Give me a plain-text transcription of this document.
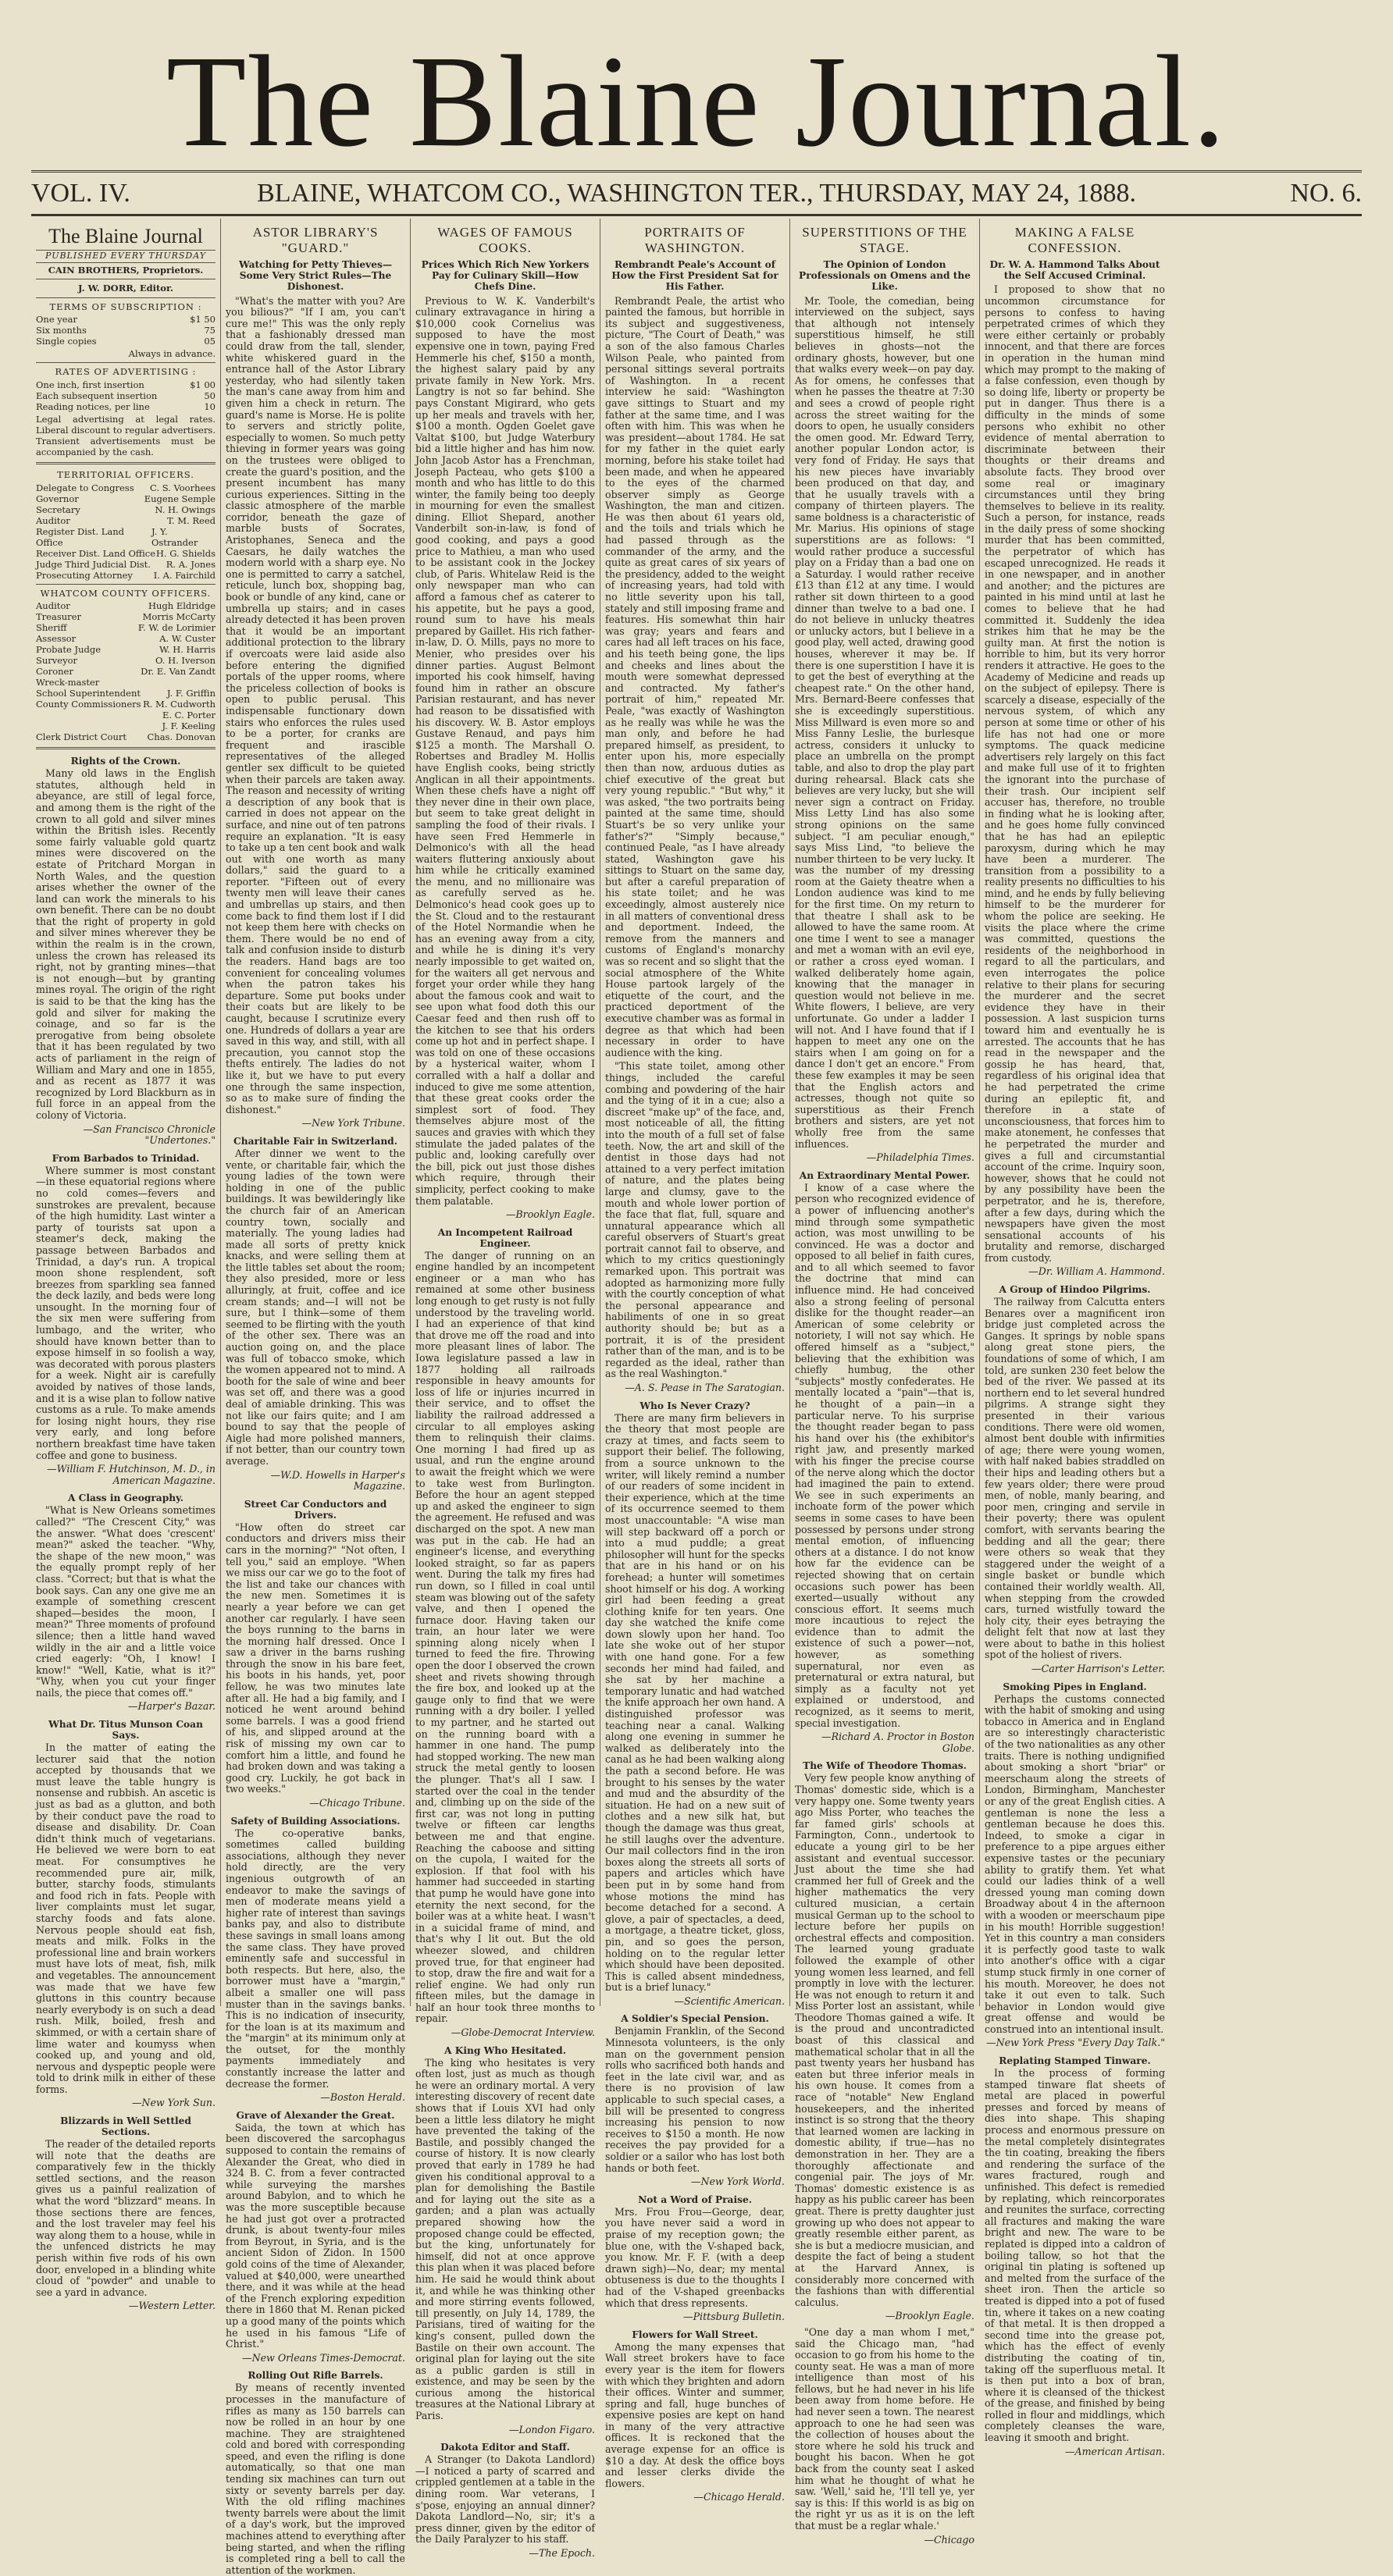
The Blaine Journal.
VOL. IV.	BLAINE, WHATCOM CO., WASHINGTON TER., THURSDAY, MAY 24, 1888.	NO. 6.
The Blaine Journal
PUBLISHED EVERY THURSDAY
CAIN BROTHERS, Proprietors.
J. W. DORR, Editor.
TERMS OF SUBSCRIPTION :
One year	$1 50
Six months	75
Single copies	05
Always in advance.
RATES OF ADVERTISING :
One inch, first insertion	$1 00
Each subsequent insertion	50
Reading notices, per line	10
Legal advertising at legal rates. Liberal discount to regular advertisers. Transient advertisements must be accompanied by the cash.
TERRITORIAL OFFICERS.
Delegate to Congress C. S. Voorhees
Governor	Eugene Semple
Secretary	N. H. Owings
Auditor	T. M. Reed
Register Dist. Land Office
J. Y. Ostrander
Receiver Dist. Land Office H. G. Shields
Judge Third Judicial Dist. R. A. Jones
Prosecuting Attorney I. A. Fairchild
WHATCOM COUNTY OFFICERS.
Auditor	Hugh Eldridge
Treasurer	Morris McCarty
Sheriff	F. W. de Lorimier
Assessor	A. W. Custer
Probate Judge	W. H. Harris
Surveyor	O. H. Iverson
Coroner	Dr. E. Van Zandt
Wreck-master
School Superintendent	J. F. Griffin
County Commissioners R. M. Cudworth
E. C. Porter
J. F. Keeling
Clerk District Court Chas. Donovan
Rights of the Crown.

Many old laws in the English statutes, although held in abeyance, are still of legal force, and among them is the right of the crown to all gold and silver mines within the British isles. Recently some fairly valuable gold quartz mines were discovered on the estate of Pritchard Morgan in North Wales, and the question arises whether the owner of the land can work the minerals to his own benefit. There can be no doubt that the right of property in gold and silver mines wherever they be within the realm is in the crown, unless the crown has released its right, not by granting mines—that is not enough—but by granting mines royal. The origin of the right is said to be that the king has the gold and silver for making the coinage, and so far is the prerogative from being obsolete that it has been regulated by two acts of parliament in the reign of William and Mary and one in 1855, and as recent as 1877 it was recognized by Lord Blackburn as in full force in an appeal from the colony of Victoria.

—San Francisco Chronicle "Undertones."
From Barbados to Trinidad.

Where summer is most constant—in these equatorial regions where no cold comes—fevers and sunstrokes are prevalent, because of the high humidity. Last winter a party of tourists sat upon a steamer's deck, making the passage between Barbados and Trinidad, a day's run. A tropical moon shone resplendent, soft breezes from sparkling sea fanned the deck lazily, and beds were long unsought. In the morning four of the six men were suffering from lumbago, and the writer, who should have known better than to expose himself in so foolish a way, was decorated with porous plasters for a week. Night air is carefully avoided by natives of those lands, and it is a wise plan to follow native customs as a rule. To make amends for losing night hours, they rise very early, and long before northern breakfast time have taken coffee and gone to business.

—William F. Hutchinson, M. D., in American Magazine.
A Class in Geography.

"What is New Orleans sometimes called?" "The Crescent City," was the answer. "What does 'crescent' mean?" asked the teacher. "Why, the shape of the new moon," was the equally prompt reply of her class. "Correct; but that is what the book says. Can any one give me an example of something crescent shaped—besides the moon, I mean?" Three moments of profound silence; then a little hand waved wildly in the air and a little voice cried eagerly: "Oh, I know! I know!" "Well, Katie, what is it?" "Why, when you cut your finger nails, the piece that comes off."

—Harper's Bazar.
What Dr. Titus Munson Coan Says.

In the matter of eating the lecturer said that the notion accepted by thousands that we must leave the table hungry is nonsense and rubbish. An ascetic is just as bad as a glutton, and both by their conduct pave the road to disease and disability. Dr. Coan didn't think much of vegetarians. He believed we were born to eat meat. For consumptives he recommended pure air, milk, butter, starchy foods, stimulants and food rich in fats. People with liver complaints must let sugar, starchy foods and fats alone. Nervous people should eat fish, meats and milk. Folks in the professional line and brain workers must have lots of meat, fish, milk and vegetables. The announcement was made that we have few gluttons in this country because nearly everybody is on such a dead rush. Milk, boiled, fresh and skimmed, or with a certain share of lime water and koumyss when cooked up, and young and old, nervous and dyspeptic people were told to drink milk in either of these forms.

—New York Sun.
Blizzards in Well Settled Sections.

The reader of the detailed reports will note that the deaths are comparatively few in the thickly settled sections, and the reason gives us a painful realization of what the word "blizzard" means. In those sections there are fences, and the lost traveler may feel his way along them to a house, while in the unfenced districts he may perish within five rods of his own door, enveloped in a blinding white cloud of "powder" and unable to see a yard in advance.

—Western Letter.
ASTOR LIBRARY'S "GUARD."
Watching for Petty Thieves—Some Very Strict Rules—The Dishonest.

"What's the matter with you? Are you bilious?" "If I am, you can't cure me!" This was the only reply that a fashionably dressed man could draw from the tall, slender, white whiskered guard in the entrance hall of the Astor Library yesterday, who had silently taken the man's cane away from him and given him a check in return. The guard's name is Morse. He is polite to servers and strictly polite, especially to women. So much petty thieving in former years was going on the trustees were obliged to create the guard's position, and the present incumbent has many curious experiences. Sitting in the classic atmosphere of the marble corridor, beneath the gaze of marble busts of Socrates, Aristophanes, Seneca and the Caesars, he daily watches the modern world with a sharp eye. No one is permitted to carry a satchel, reticule, lunch box, shopping bag, book or bundle of any kind, cane or umbrella up stairs; and in cases already detected it has been proven that it would be an important additional protection to the library if overcoats were laid aside also before entering the dignified portals of the upper rooms, where the priceless collection of books is open to public perusal. This indispensable functionary down stairs who enforces the rules used to be a porter, for cranks are frequent and irascible representatives of the alleged gentler sex difficult to be quieted when their parcels are taken away. The reason and necessity of writing a description of any book that is carried in does not appear on the surface, and nine out of ten patrons require an explanation. "It is easy to take up a ten cent book and walk out with one worth as many dollars," said the guard to a reporter. "Fifteen out of every twenty men will leave their canes and umbrellas up stairs, and then come back to find them lost if I did not keep them here with checks on them. There would be no end of talk and confusion inside to disturb the readers. Hand bags are too convenient for concealing volumes when the patron takes his departure. Some put books under their coats but are likely to be caught, because I scrutinize every one. Hundreds of dollars a year are saved in this way, and still, with all precaution, you cannot stop the thefts entirely. The ladies do not like it, but we have to put every one through the same inspection, so as to make sure of finding the dishonest."

—New York Tribune.
Charitable Fair in Switzerland.

After dinner we went to the vente, or charitable fair, which the young ladies of the town were holding in one of the public buildings. It was bewilderingly like the church fair of an American country town, socially and materially. The young ladies had made all sorts of pretty knick knacks, and were selling them at the little tables set about the room; they also presided, more or less alluringly, at fruit, coffee and ice cream stands; and—I will not be sure, but I think—some of them seemed to be flirting with the youth of the other sex. There was an auction going on, and the place was full of tobacco smoke, which the women appeared not to mind. A booth for the sale of wine and beer was set off, and there was a good deal of amiable drinking. This was not like our fairs quite; and I am bound to say that the people of Aigle had more polished manners, if not better, than our country town average.

—W.D. Howells in Harper's Magazine.
Street Car Conductors and Drivers.

"How often do street car conductors and drivers miss their cars in the morning?" "Not often, I tell you," said an employe. "When we miss our car we go to the foot of the list and take our chances with the new men. Sometimes it is nearly a year before we can get another car regularly. I have seen the boys running to the barns in the morning half dressed. Once I saw a driver in the barns rushing through the snow in his bare feet, his boots in his hands, yet, poor fellow, he was two minutes late after all. He had a big family, and I noticed he went around behind some barrels. I was a good friend of his, and slipped around at the risk of missing my own car to comfort him a little, and found he had broken down and was taking a good cry. Luckily, he got back in two weeks."

—Chicago Tribune.
Safety of Building Associations.

The co-operative banks, sometimes called building associations, although they never hold directly, are the very ingenious outgrowth of an endeavor to make the savings of men of moderate means yield a higher rate of interest than savings banks pay, and also to distribute these savings in small loans among the same class. They have proved eminently safe and successful in both respects. But here, also, the borrower must have a "margin," albeit a smaller one will pass muster than in the savings banks. This is no indication of insecurity, for the loan is at its maximum and the "margin" at its minimum only at the outset, for the monthly payments immediately and constantly increase the latter and decrease the former.

—Boston Herald.
Grave of Alexander the Great.

Saida, the town at which has been discovered the sarcophagus supposed to contain the remains of Alexander the Great, who died in 324 B. C. from a fever contracted while surveying the marshes around Babylon, and to which he was the more susceptible because he had just got over a protracted drunk, is about twenty-four miles from Beyrout, in Syria, and is the ancient Sidon of Zidon. In 1500 gold coins of the time of Alexander, valued at $40,000, were unearthed there, and it was while at the head of the French exploring expedition there in 1860 that M. Renan picked up a good many of the points which he used in his famous "Life of Christ."

—New Orleans Times-Democrat.
Rolling Out Rifle Barrels.

By means of recently invented processes in the manufacture of rifles as many as 150 barrels can now be rolled in an hour by one machine. They are straightened cold and bored with corresponding speed, and even the rifling is done automatically, so that one man tending six machines can turn out sixty or seventy barrels per day. With the old rifling machines twenty barrels were about the limit of a day's work, but the improved machines attend to everything after being started, and when the rifling is completed ring a bell to call the attention of the workmen.

WAGES OF FAMOUS COOKS.
Prices Which Rich New Yorkers Pay for Culinary Skill—How Chefs Dine.

Previous to W. K. Vanderbilt's culinary extravagance in hiring a $10,000 cook Cornelius was supposed to have the most expensive one in town, paying Fred Hemmerle his chef, $150 a month, the highest salary paid by any private family in New York. Mrs. Langtry is not so far behind. She pays Constant Migirard, who gets up her meals and travels with her, $100 a month. Ogden Goelet gave Valtat $100, but Judge Waterbury bid a little higher and has him now. John Jacob Astor has a Frenchman, Joseph Pacteau, who gets $100 a month and who has little to do this winter, the family being too deeply in mourning for even the smallest dining. Elliot Shepard, another Vanderbilt son-in-law, is fond of good cooking, and pays a good price to Mathieu, a man who used to be assistant cook in the Jockey club, of Paris. Whitelaw Reid is the only newspaper man who can afford a famous chef as caterer to his appetite, but he pays a good, round sum to have his meals prepared by Gaillet. His rich father-in-law, D. O. Mills, pays no more to Menier, who presides over his dinner parties. August Belmont imported his cook himself, having found him in rather an obscure Parisian restaurant, and has never had reason to be dissatisfied with his discovery. W. B. Astor employs Gustave Renaud, and pays him $125 a month. The Marshall O. Robertses and Bradley M. Hollis have English cooks, being strictly Anglican in all their appointments. When these chefs have a night off they never dine in their own place, but seem to take great delight in sampling the food of their rivals. I have seen Fred Hemmerle in Delmonico's with all the head waiters fluttering anxiously about him while he critically examined the menu, and no millionaire was as carefully served as he. Delmonico's head cook goes up to the St. Cloud and to the restaurant of the Hotel Normandie when he has an evening away from a city, and while he is dining it's very nearly impossible to get waited on, for the waiters all get nervous and forget your order while they hang about the famous cook and wait to see upon what food doth this our Caesar feed and then rush off to the kitchen to see that his orders come up hot and in perfect shape. I was told on one of these occasions by a hysterical waiter, whom I corralled with a half a dollar and induced to give me some attention, that these great cooks order the simplest sort of food. They themselves abjure most of the sauces and gravies with which they stimulate the jaded palates of the public and, looking carefully over the bill, pick out just those dishes which require, through their simplicity, perfect cooking to make them palatable.

—Brooklyn Eagle.
An Incompetent Railroad Engineer.

The danger of running on an engine handled by an incompetent engineer or a man who has remained at some other business long enough to get rusty is not fully understood by the traveling world. I had an experience of that kind that drove me off the road and into more pleasant lines of labor. The Iowa legislature passed a law in 1877 holding all railroads responsible in heavy amounts for loss of life or injuries incurred in their service, and to offset the liability the railroad addressed a circular to all employes asking them to relinquish their claims. One morning I had fired up as usual, and run the engine around to await the freight which we were to take west from Burlington. Before the hour an agent stepped up and asked the engineer to sign the agreement. He refused and was discharged on the spot. A new man was put in the cab. He had an engineer's license, and everything looked straight, so far as papers went. During the talk my fires had run down, so I filled in coal until steam was blowing out of the safety valve, and then I opened the furnace door. Having taken our train, an hour later we were spinning along nicely when I turned to feed the fire. Throwing open the door I observed the crown sheet and rivets showing through the fire box, and looked up at the gauge only to find that we were running with a dry boiler. I yelled to my partner, and he started out on the running board with a hammer in one hand. The pump had stopped working. The new man struck the metal gently to loosen the plunger. That's all I saw. I started over the coal in the tender and, climbing up on the side of the first car, was not long in putting twelve or fifteen car lengths between me and that engine. Reaching the caboose and sitting on the cupola, I waited for the explosion. If that fool with his hammer had succeeded in starting that pump he would have gone into eternity the next second, for the boiler was at a white heat. I wasn't in a suicidal frame of mind, and that's why I lit out. But the old wheezer slowed, and children proved true, for that engineer had to stop, draw the fire and wait for a relief engine. We had only run fifteen miles, but the damage in half an hour took three months to repair.

—Globe-Democrat Interview.
A King Who Hesitated.

The king who hesitates is very often lost, just as much as though he were an ordinary mortal. A very interesting discovery of recent date shows that if Louis XVI had only been a little less dilatory he might have prevented the taking of the Bastile, and possibly changed the course of history. It is now clearly proved that early in 1789 he had given his conditional approval to a plan for demolishing the Bastile and for laying out the site as a garden; and a plan was actually prepared showing how the proposed change could be effected, but the king, unfortunately for himself, did not at once approve this plan when it was placed before him. He said he would think about it, and while he was thinking other and more stirring events followed, till presently, on July 14, 1789, the Parisians, tired of waiting for the king's consent, pulled down the Bastile on their own account. The original plan for laying out the site as a public garden is still in existence, and may be seen by the curious among the historical treasures at the National Library at Paris.

—London Figaro.
Dakota Editor and Staff.

A Stranger (to Dakota Landlord)—I noticed a party of scarred and crippled gentlemen at a table in the dining room. War veterans, I s'pose, enjoying an annual dinner? Dakota Landlord—No, sir; it's a press dinner, given by the editor of the Daily Paralyzer to his staff.

—The Epoch.
PORTRAITS OF WASHINGTON.
Rembrandt Peale's Account of How the First President Sat for His Father.

Rembrandt Peale, the artist who painted the famous, but horrible in its subject and suggestiveness, picture, "The Court of Death," was a son of the also famous Charles Wilson Peale, who painted from personal sittings several portraits of Washington. In a recent interview he said: "Washington gave sittings to Stuart and my father at the same time, and I was often with him. This was when he was president—about 1784. He sat for my father in the quiet early morning, before his stake toilet had been made, and when he appeared to the eyes of the charmed observer simply as George Washington, the man and citizen. He was then about 61 years old, and the toils and trials which he had passed through as the commander of the army, and the quite as great cares of six years of the presidency, added to the weight of increasing years, had told with no little severity upon his tall, stately and still imposing frame and features. His somewhat thin hair was gray; years and fears and cares had all left traces on his face, and his teeth being gone, the lips and cheeks and lines about the mouth were somewhat depressed and contracted. My father's portrait of him," repeated Mr. Peale, "was exactly of Washington as he really was while he was the man only, and before he had prepared himself, as president, to enter upon his, more especially then than now, arduous duties as chief executive of the great but very young republic." "But why," it was asked, "the two portraits being painted at the same time, should Stuart's be so very unlike your father's?" "Simply because," continued Peale, "as I have already stated, Washington gave his sittings to Stuart on the same day, but after a careful preparation of his state toilet; and he was exceedingly, almost austerely nice in all matters of conventional dress and deportment. Indeed, the remove from the manners and customs of England's monarchy was so recent and so slight that the social atmosphere of the White House partook largely of the etiquette of the court, and the practiced deportment of the executive chamber was as formal in degree as that which had been necessary in order to have audience with the king.

"This state toilet, among other things, included the careful combing and powdering of the hair and the tying of it in a cue; also a discreet "make up" of the face, and, most noticeable of all, the fitting into the mouth of a full set of false teeth. Now, the art and skill of the dentist in those days had not attained to a very perfect imitation of nature, and the plates being large and clumsy, gave to the mouth and whole lower portion of the face that flat, full, square and unnatural appearance which all careful observers of Stuart's great portrait cannot fail to observe, and which to my critics questioningly remarked upon. This portrait was adopted as harmonizing more fully with the courtly conception of what the personal appearance and habiliments of one in so great authority should be; but as a portrait, it is of the president rather than of the man, and is to be regarded as the ideal, rather than as the real Washington."

—A. S. Pease in The Saratogian.
Who Is Never Crazy?

There are many firm believers in the theory that most people are crazy at times, and facts seem to support their belief. The following, from a source unknown to the writer, will likely remind a number of our readers of some incident in their experience, which at the time of its occurrence seemed to them most unaccountable: "A wise man will step backward off a porch or into a mud puddle; a great philosopher will hunt for the specks that are in his hand or on his forehead; a hunter will sometimes shoot himself or his dog. A working girl had been feeding a great clothing knife for ten years. One day she watched the knife come down slowly upon her hand. Too late she woke out of her stupor with one hand gone. For a few seconds her mind had failed, and she sat by her machine a temporary lunatic and had watched the knife approach her own hand. A distinguished professor was teaching near a canal. Walking along one evening in summer he walked as deliberately into the canal as he had been walking along the path a second before. He was brought to his senses by the water and mud and the absurdity of the situation. He had on a new suit of clothes and a new silk hat, but though the damage was thus great, he still laughs over the adventure. Our mail collectors find in the iron boxes along the streets all sorts of papers and articles which have been put in by some hand from whose motions the mind has become detached for a second. A glove, a pair of spectacles, a deed, a mortgage, a theatre ticket, gloss, pin, and so goes the person, holding on to the regular letter which should have been deposited. This is called absent mindedness, but is a brief lunacy."

—Scientific American.
A Soldier's Special Pension.

Benjamin Franklin, of the Second Minnesota volunteers, is the only man on the government pension rolls who sacrificed both hands and feet in the late civil war, and as there is no provision of law applicable to such special cases, a bill will be presented to congress increasing his pension to now receives to $150 a month. He now receives the pay provided for a soldier or a sailor who has lost both hands or both feet.

—New York World.
Not a Word of Praise.

Mrs. Frou Frou—George, dear, you have never said a word in praise of my reception gown; the blue one, with the V-shaped back, you know. Mr. F. F. (with a deep drawn sigh)—No, dear; my mental obtuseness is due to the thoughts I had of the V-shaped greenbacks which that dress represents.

—Pittsburg Bulletin.
Flowers for Wall Street.

Among the many expenses that Wall street brokers have to face every year is the item for flowers with which they brighten and adorn their offices. Winter and summer, spring and fall, huge bunches of expensive posies are kept on hand in many of the very attractive offices. It is reckoned that the average expense for an office is $10 a day. At desk the office boys and lesser clerks divide the flowers.

—Chicago Herald.
SUPERSTITIONS OF THE STAGE.
The Opinion of London Professionals on Omens and the Like.

Mr. Toole, the comedian, being interviewed on the subject, says that although not intensely superstitious himself, he still believes in ghosts—not the ordinary ghosts, however, but one that walks every week—on pay day. As for omens, he confesses that when he passes the theatre at 7:30 and sees a crowd of people right across the street waiting for the doors to open, he usually considers the omen good. Mr. Edward Terry, another popular London actor, is very fond of Friday. He says that his new pieces have invariably been produced on that day, and that he usually travels with a company of thirteen players. The same boldness is a characteristic of Mr. Marius. His opinions of stage superstitions are as follows: "I would rather produce a successful play on a Friday than a bad one on a Saturday. I would rather receive £13 than £12 at any time. I would rather sit down thirteen to a good dinner than twelve to a bad one. I do not believe in unlucky theatres or unlucky actors, but I believe in a good play, well acted, drawing good houses, wherever it may be. If there is one superstition I have it is to get the best of everything at the cheapest rate." On the other hand, Mrs. Bernard-Beere confesses that she is exceedingly superstitious. Miss Millward is even more so and Miss Fanny Leslie, the burlesque actress, considers it unlucky to place an umbrella on the prompt table, and also to drop the play part during rehearsal. Black cats she believes are very lucky, but she will never sign a contract on Friday. Miss Letty Lind has also some strong opinions on the same subject. "I am peculiar enough," says Miss Lind, "to believe the number thirteen to be very lucky. It was the number of my dressing room at the Gaiety theatre when a London audience was kind to me for the first time. On my return to that theatre I shall ask to be allowed to have the same room. At one time I went to see a manager and met a woman with an evil eye, or rather a cross eyed woman. I walked deliberately home again, knowing that the manager in question would not believe in me. White flowers, I believe, are very unfortunate. Go under a ladder I will not. And I have found that if I happen to meet any one on the stairs when I am going on for a dance I don't get an encore." From these few examples it may be seen that the English actors and actresses, though not quite so superstitious as their French brothers and sisters, are yet not wholly free from the same influences.

—Philadelphia Times.
An Extraordinary Mental Power.

I know of a case where the person who recognized evidence of a power of influencing another's mind through some sympathetic action, was most unwilling to be convinced. He was a doctor and opposed to all belief in faith cures, and to all which seemed to favor the doctrine that mind can influence mind. He had conceived also a strong feeling of personal dislike for the thought reader—an American of some celebrity or notoriety, I will not say which. He offered himself as a "subject," believing that the exhibition was chiefly humbug, the other "subjects" mostly confederates. He mentally located a "pain"—that is, he thought of a pain—in a particular nerve. To his surprise the thought reader began to pass his hand over his (the exhibitor's right jaw, and presently marked with his finger the precise course of the nerve along which the doctor had imagined the pain to extend. We see in such experiments an inchoate form of the power which seems in some cases to have been possessed by persons under strong mental emotion, of influencing others at a distance. I do not know how far the evidence can be rejected showing that on certain occasions such power has been exerted—usually without any conscious effort. It seems much more incautious to reject the evidence than to admit the existence of such a power—not, however, as something supernatural, nor even as preternatural or extra natural, but simply as a faculty not yet explained or understood, and recognized, as it seems to merit, special investigation.

—Richard A. Proctor in Boston Globe.
The Wife of Theodore Thomas.

Very few people know anything of Thomas' domestic side, which is a very happy one. Some twenty years ago Miss Porter, who teaches the far famed girls' schools at Farmington, Conn., undertook to educate a young girl to be her assistant and eventual successor. Just about the time she had crammed her full of Greek and the higher mathematics the very cultured musician, a certain musical German up to the school to lecture before her pupils on orchestral effects and composition. The learned young graduate followed the example of other young women less learned, and fell promptly in love with the lecturer. He was not enough to return it and Miss Porter lost an assistant, while Theodore Thomas gained a wife. It is the proud and uncontradicted boast of this classical and mathematical scholar that in all the past twenty years her husband has eaten but three inferior meals in his own house. It comes from a race of "notable" New England housekeepers, and the inherited instinct is so strong that the theory that learned women are lacking in domestic ability, if true—has no demonstration in her. They are a thoroughly affectionate and congenial pair. The joys of Mr. Thomas' domestic existence is as happy as his public career has been great. There is pretty daughter just growing up who does not appear to greatly resemble either parent, as she is but a mediocre musician, and despite the fact of being a student at the Harvard Annex, is considerably more concerned with the fashions than with differential calculus.

—Brooklyn Eagle.

"One day a man whom I met," said the Chicago man, "had occasion to go from his home to the county seat. He was a man of more intelligence than most of his fellows, but he had never in his life been away from home before. He had never seen a town. The nearest approach to one he had seen was the collection of houses about the store where he sold his truck and bought his bacon. When he got back from the county seat I asked him what he thought of what he saw. 'Well,' said he, 'I'll tell ye, yer say is this: If this world is as big on the right yr us as it is on the left that must be a reglar whale.'

—Chicago
MAKING A FALSE CONFESSION.
Dr. W. A. Hammond Talks About the Self Accused Criminal.

I proposed to show that no uncommon circumstance for persons to confess to having perpetrated crimes of which they were either certainly or probably innocent, and that there are forces in operation in the human mind which may prompt to the making of a false confession, even though by so doing life, liberty or property be put in danger. Thus there is a difficulty in the minds of some persons who exhibit no other evidence of mental aberration to discriminate between their thoughts or their dreams and absolute facts. They brood over some real or imaginary circumstances until they bring themselves to believe in its reality. Such a person, for instance, reads in the daily press of some shocking murder that has been committed, the perpetrator of which has escaped unrecognized. He reads it in one newspaper, and in another and another; and the pictures are painted in his mind until at last he comes to believe that he had committed it. Suddenly the idea strikes him that he may be the guilty man. At first the notion is horrible to him, but its very horror renders it attractive. He goes to the Academy of Medicine and reads up on the subject of epilepsy. There is scarcely a disease, especially of the nervous system, of which any person at some time or other of his life has not had one or more symptoms. The quack medicine advertisers rely largely on this fact and make full use of it to frighten the ignorant into the purchase of their trash. Our incipient self accuser has, therefore, no trouble in finding what he is looking after, and he goes home fully convinced that he has had an epileptic paroxysm, during which he may have been a murderer. The transition from a possibility to a reality presents no difficulties to his mind, and he ends by fully believing himself to be the murderer for whom the police are seeking. He visits the place where the crime was committed, questions the residents of the neighborhood in regard to all the particulars, and even interrogates the police relative to their plans for securing the murderer and the secret evidence they have in their possession. A last suspicion turns toward him and eventually he is arrested. The accounts that he has read in the newspaper and the gossip he has heard, that, regardless of his original idea that he had perpetrated the crime during an epileptic fit, and therefore in a state of unconsciousness, that forces him to make atonement, he confesses that he perpetrated the murder and gives a full and circumstantial account of the crime. Inquiry soon, however, shows that he could not by any possibility have been the perpetrator, and he is, therefore, after a few days, during which the newspapers have given the most sensational accounts of his brutality and remorse, discharged from custody.

—Dr. William A. Hammond.
A Group of Hindoo Pilgrims.

The railway from Calcutta enters Benares over a magnificent iron bridge just completed across the Ganges. It springs by noble spans along great stone piers, the foundations of some of which, I am told, are sunken 230 feet below the bed of the river. We passed at its northern end to let several hundred pilgrims. A strange sight they presented in their various conditions. There were old women, almost bent double with infirmities of age; there were young women, with half naked babies straddled on their hips and leading others but a few years older; there were proud men, of noble, manly bearing, and poor men, cringing and servile in their poverty; there was opulent comfort, with servants bearing the bedding and all the gear; there were others so weak that they staggered under the weight of a single basket or bundle which contained their worldly wealth. All, when stepping from the crowded cars, turned wistfully toward the holy city, their eyes betraying the delight felt that now at last they were about to bathe in this holiest spot of the holiest of rivers.

—Carter Harrison's Letter.
Smoking Pipes in England.

Perhaps the customs connected with the habit of smoking and using tobacco in America and in England are so interestingly characteristic of the two nationalities as any other traits. There is nothing undignified about smoking a short "briar" or meerschaum along the streets of London, Birmingham, Manchester or any of the great English cities. A gentleman is none the less a gentleman because he does this. Indeed, to smoke a cigar in preference to a pipe argues either expensive tastes or the pecuniary ability to gratify them. Yet what could our ladies think of a well dressed young man coming down Broadway about 4 in the afternoon with a wooden or meerschaum pipe in his mouth! Horrible suggestion! Yet in this country a man considers it is perfectly good taste to walk into another's office with a cigar stump stuck firmly in one corner of his mouth. Moreover, he does not take it out even to talk. Such behavior in London would give great offense and would be construed into an intentional insult.

—New York Press "Every Day Talk."
Replating Stamped Tinware.

In the process of forming stamped tinware flat sheets of metal are placed in powerful presses and forced by means of dies into shape. This shaping process and enormous pressure on the metal completely disintegrates the tin coating, breaking the fibers and rendering the surface of the wares fractured, rough and unfinished. This defect is remedied by replating, which reincorporates and reunites the surface, correcting all fractures and making the ware bright and new. The ware to be replated is dipped into a caldron of boiling tallow, so hot that the original tin plating is softened up and melted from the surface of the sheet iron. Then the article so treated is dipped into a pot of fused tin, where it takes on a new coating of that metal. It is then dropped a second time into the grease pot, which has the effect of evenly distributing the coating of tin, taking off the superfluous metal. It is then put into a box of bran, where it is cleansed of the thickest of the grease, and finished by being rolled in flour and middlings, which completely cleanses the ware, leaving it smooth and bright.

—American Artisan.
